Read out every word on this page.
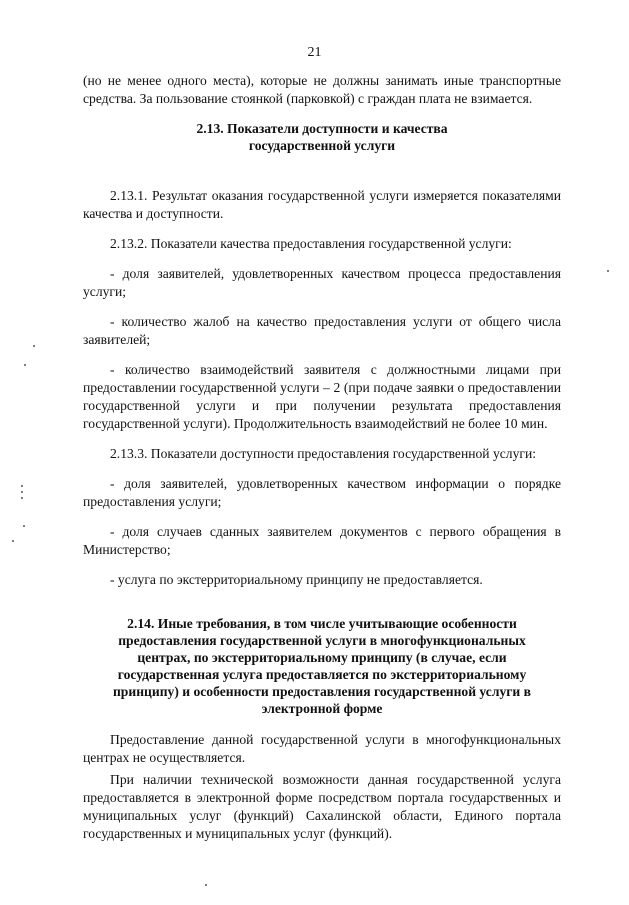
21

(но не менее одного места), которые не должны занимать иные транспортные средства. За пользование стоянкой (парковкой) с граждан плата не взимается.

2.13. Показатели доступности и качества
государственной услуги

2.13.1. Результат оказания государственной услуги измеряется показателями качества и доступности.

2.13.2. Показатели качества предоставления государственной услуги:

- доля заявителей, удовлетворенных качеством процесса предоставления услуги;

- количество жалоб на качество предоставления услуги от общего числа заявителей;

- количество взаимодействий заявителя с должностными лицами при предоставлении государственной услуги – 2 (при подаче заявки о предоставлении государственной услуги и при получении результата предоставления государственной услуги). Продолжительность взаимодействий не более 10 мин.

2.13.3. Показатели доступности предоставления государственной услуги:

- доля заявителей, удовлетворенных качеством информации о порядке предоставления услуги;

- доля случаев сданных заявителем документов с первого обращения в Министерство;

- услуга по экстерриториальному принципу не предоставляется.

2.14. Иные требования, в том числе учитывающие особенности
предоставления государственной услуги в многофункциональных
центрах, по экстерриториальному принципу (в случае, если
государственная услуга предоставляется по экстерриториальному
принципу) и особенности предоставления государственной услуги в
электронной форме

Предоставление данной государственной услуги в многофункциональных центрах не осуществляется.

При наличии технической возможности данная государственной услуга предоставляется в электронной форме посредством портала государственных и муниципальных услуг (функций) Сахалинской области, Единого портала государственных и муниципальных услуг (функций).
